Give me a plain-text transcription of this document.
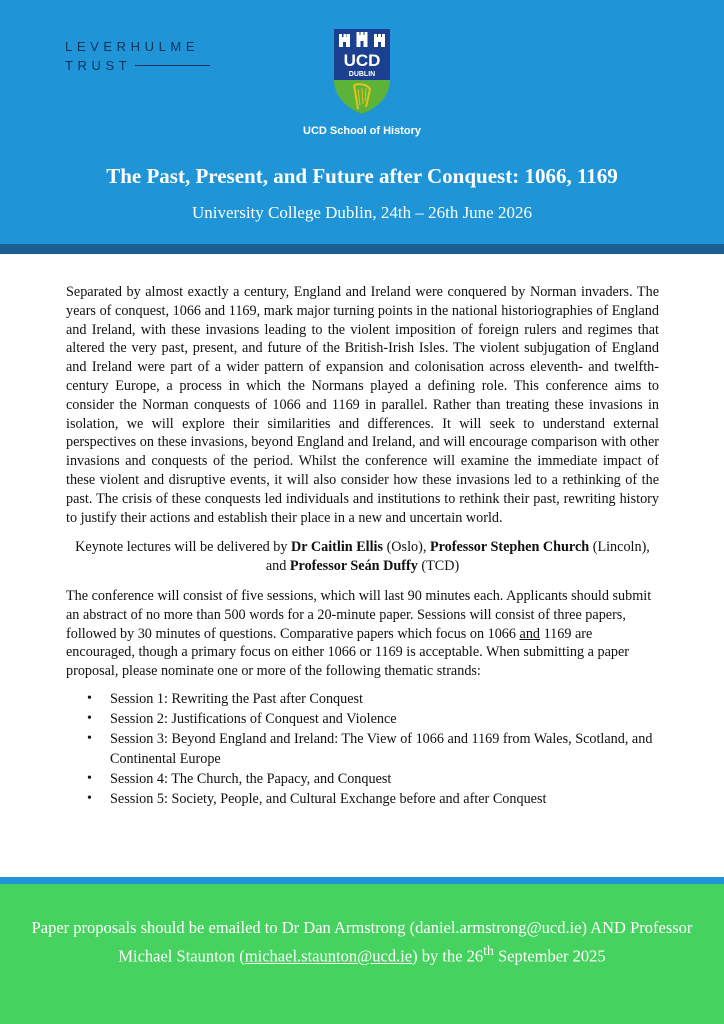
LEVERHULME
TRUST	UCD
DUBLIN
UCD School of History
The Past, Present, and Future after Conquest: 1066, 1169
University College Dublin, 24th – 26th June 2026

Separated by almost exactly a century, England and Ireland were conquered by Norman invaders. The years of conquest, 1066 and 1169, mark major turning points in the national historiographies of England and Ireland, with these invasions leading to the violent imposition of foreign rulers and regimes that altered the very past, present, and future of the British-Irish Isles. The violent subjugation of England and Ireland were part of a wider pattern of expansion and colonisation across eleventh- and twelfth-century Europe, a process in which the Normans played a defining role. This conference aims to consider the Norman conquests of 1066 and 1169 in parallel. Rather than treating these invasions in isolation, we will explore their similarities and differences. It will seek to understand external perspectives on these invasions, beyond England and Ireland, and will encourage comparison with other invasions and conquests of the period. Whilst the conference will examine the immediate impact of these violent and disruptive events, it will also consider how these invasions led to a rethinking of the past. The crisis of these conquests led individuals and institutions to rethink their past, rewriting history to justify their actions and establish their place in a new and uncertain world.

Keynote lectures will be delivered by Dr Caitlin Ellis (Oslo), Professor Stephen Church (Lincoln), and Professor Seán Duffy (TCD)

The conference will consist of five sessions, which will last 90 minutes each. Applicants should submit an abstract of no more than 500 words for a 20-minute paper. Sessions will consist of three papers, followed by 30 minutes of questions. Comparative papers which focus on 1066 and 1169 are encouraged, though a primary focus on either 1066 or 1169 is acceptable. When submitting a paper proposal, please nominate one or more of the following thematic strands:

• Session 1: Rewriting the Past after Conquest
• Session 2: Justifications of Conquest and Violence
• Session 3: Beyond England and Ireland: The View of 1066 and 1169 from Wales, Scotland, and Continental Europe
• Session 4: The Church, the Papacy, and Conquest
• Session 5: Society, People, and Cultural Exchange before and after Conquest
Paper proposals should be emailed to Dr Dan Armstrong (daniel.armstrong@ucd.ie) AND Professor Michael Staunton (michael.staunton@ucd.ie) by the 26th September 2025
